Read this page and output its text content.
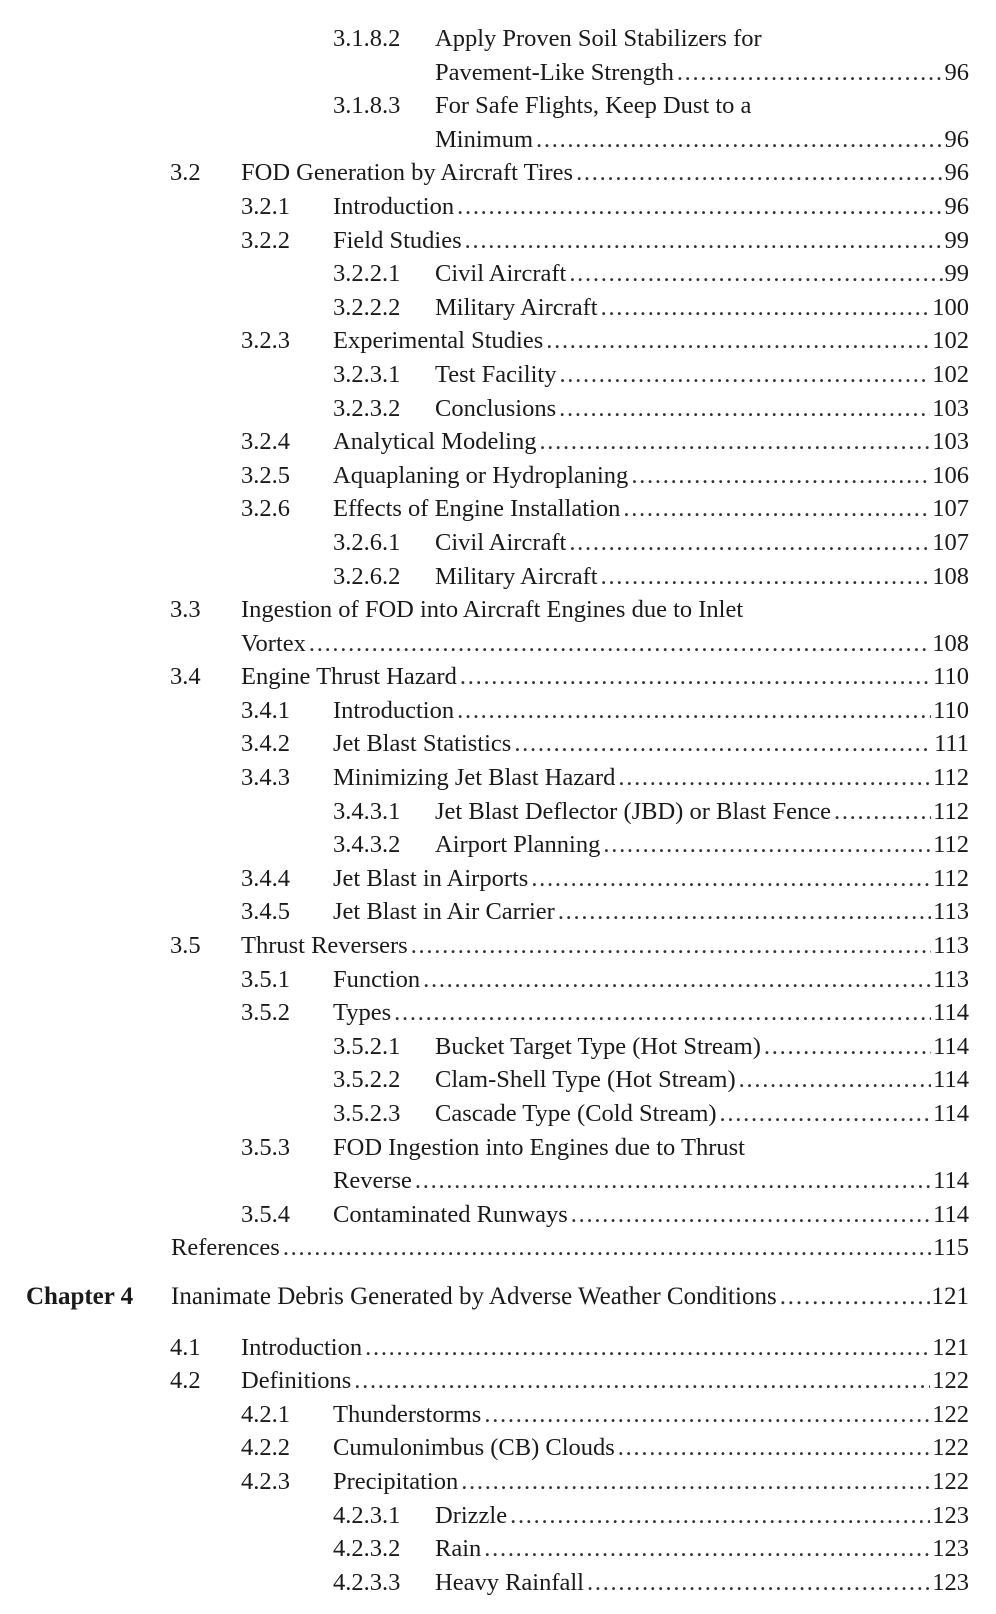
3.1.8.2 Apply Proven Soil Stabilizers for
Pavement-Like Strength . . .	96
3.1.8.3 For Safe Flights, Keep Dust to a
Minimum . . .	96
3.2 FOD Generation by Aircraft Tires . . .	96
3.2.1 Introduction . . .	96
3.2.2 Field Studies . . .	99
3.2.2.1 Civil Aircraft . . .	99
3.2.2.2 Military Aircraft . . .	100
3.2.3 Experimental Studies . . .	102
3.2.3.1 Test Facility . . .	102
3.2.3.2 Conclusions . . .	103
3.2.4 Analytical Modeling . . .	103
3.2.5 Aquaplaning or Hydroplaning . . .	106
3.2.6 Effects of Engine Installation . . .	107
3.2.6.1 Civil Aircraft . . .	107
3.2.6.2 Military Aircraft . . .	108
3.3 Ingestion of FOD into Aircraft Engines due to Inlet
Vortex . . .	108
3.4 Engine Thrust Hazard . . .	110
3.4.1 Introduction . . .	110
3.4.2 Jet Blast Statistics . . .	111
3.4.3 Minimizing Jet Blast Hazard . . .	112
3.4.3.1 Jet Blast Deflector (JBD) or Blast Fence . . .	112
3.4.3.2 Airport Planning . . .	112
3.4.4 Jet Blast in Airports . . .	112
3.4.5 Jet Blast in Air Carrier . . .	113
3.5 Thrust Reversers . . .	113
3.5.1 Function . . .	113
3.5.2 Types . . .	114
3.5.2.1 Bucket Target Type (Hot Stream) . . .	114
3.5.2.2 Clam-Shell Type (Hot Stream) . . .	114
3.5.2.3 Cascade Type (Cold Stream) . . .	114
3.5.3 FOD Ingestion into Engines due to Thrust
Reverse . . .	114
3.5.4 Contaminated Runways . . .	114
References . . .	115
Chapter 4 Inanimate Debris Generated by Adverse Weather Conditions . . .	121
4.1 Introduction . . .	121
4.2 Definitions . . .	122
4.2.1 Thunderstorms . . .	122
4.2.2 Cumulonimbus (CB) Clouds . . .	122
4.2.3 Precipitation . . .	122
4.2.3.1 Drizzle . . .	123
4.2.3.2 Rain . . .	123
4.2.3.3 Heavy Rainfall . . .	123
